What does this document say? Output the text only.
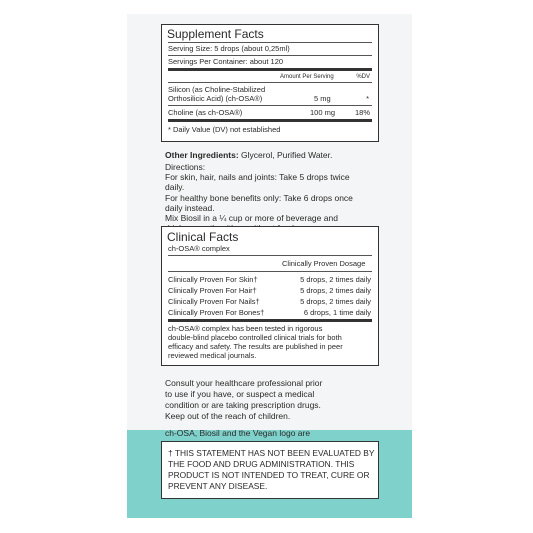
Supplement Facts
Serving Size: 5 drops (about 0,25ml)
Servings Per Container: about 120
Amount Per Serving	%DV
Silicon (as Choline-Stabilized
Orthosilicic Acid) (ch-OSA®)	5 mg	*
Choline (as ch-OSA®)	100 mg	18%
* Daily Value (DV) not established
Other Ingredients: Glycerol, Purified Water.
Directions:
For skin, hair, nails and joints: Take 5 drops twice
daily.
For healthy bone benefits only: Take 6 drops once
daily instead.
Mix Biosil in a ¼ cup or more of beverage and
Clinical Facts
ch-OSA® complex
Clinically Proven Dosage
Clinically Proven For Skin†	5 drops, 2 times daily
Clinically Proven For Hair†	5 drops, 2 times daily
Clinically Proven For Nails†	5 drops, 2 times daily
Clinically Proven For Bones†	6 drops, 1 time daily
ch-OSA® complex has been tested in rigorous
double-blind placebo controlled clinical trials for both
efficacy and safety. The results are published in peer
reviewed medical journals.
Consult your healthcare professional prior
to use if you have, or suspect a medical
condition or are taking prescription drugs.
Keep out of the reach of children.
ch-OSA, Biosil and the Vegan logo are
† THIS STATEMENT HAS NOT BEEN EVALUATED BY
THE FOOD AND DRUG ADMINISTRATION. THIS
PRODUCT IS NOT INTENDED TO TREAT, CURE OR
PREVENT ANY DISEASE.
